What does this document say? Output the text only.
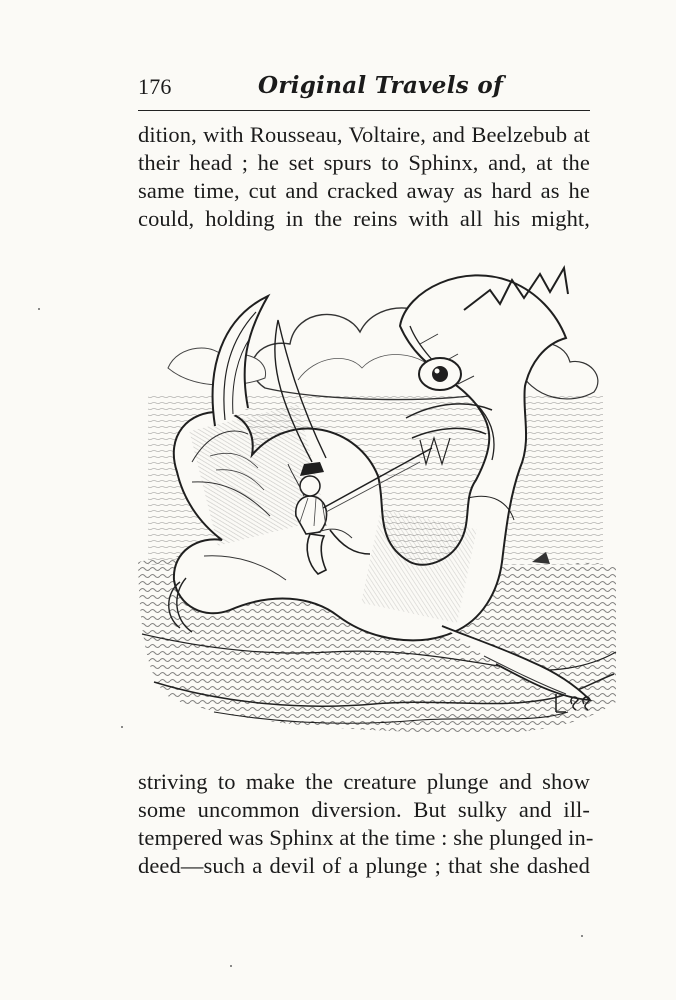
176	Original Travels of
dition, with Rousseau, Voltaire, and Beelzebub at
their head ; he set spurs to Sphinx, and, at the
same time, cut and cracked away as hard as he
could, holding in the reins with all his might,
striving to make the creature plunge and show
some uncommon diversion. But sulky and ill-
tempered was Sphinx at the time : she plunged in-
deed—such a devil of a plunge ; that she dashed
